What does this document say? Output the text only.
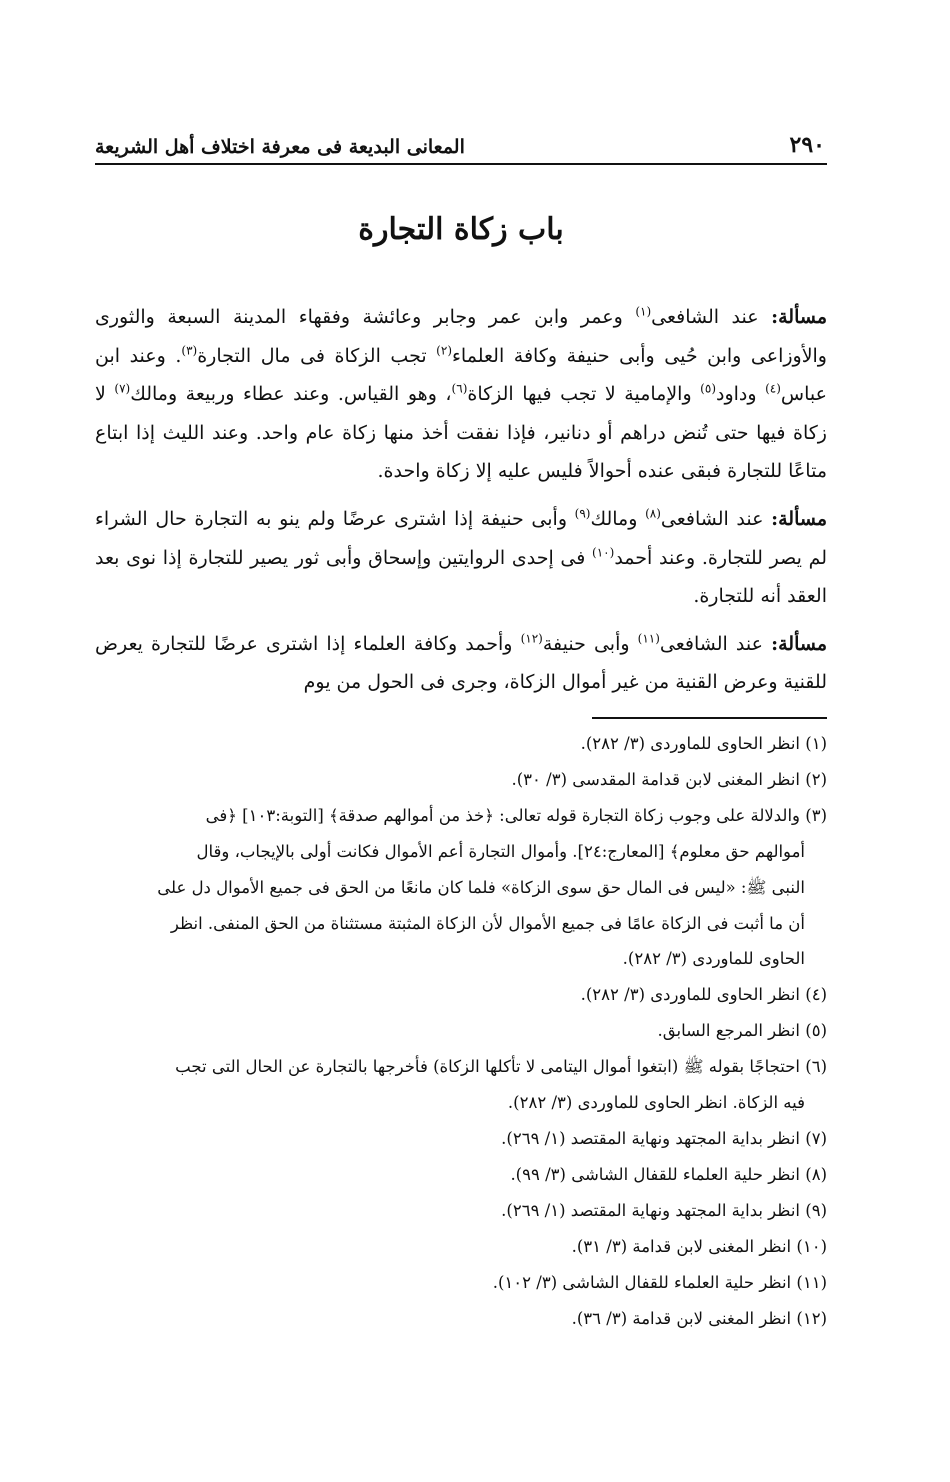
٢٩٠
المعانى البديعة فى معرفة اختلاف أهل الشريعة
باب زكاة التجارة

مسألة: عند الشافعى$^{(١)}$ وعمر وابن عمر وجابر وعائشة وفقهاء المدينة السبعة والثورى والأوزاعى وابن حُيى وأبى حنيفة وكافة العلماء$^{(٢)}$ تجب الزكاة فى مال التجارة$^{(٣)}$. وعند ابن عباس$^{(٤)}$ وداود$^{(٥)}$ والإمامية لا تجب فيها الزكاة$^{(٦)}$، وهو القياس. وعند عطاء وربيعة ومالك$^{(٧)}$ لا زكاة فيها حتى تُنض دراهم أو دنانير، فإذا نفقت أخذ منها زكاة عام واحد. وعند الليث إذا ابتاع متاعًا للتجارة فبقى عنده أحوالاً فليس عليه إلا زكاة واحدة.

مسألة: عند الشافعى$^{(٨)}$ ومالك$^{(٩)}$ وأبى حنيفة إذا اشترى عرضًا ولم ينو به التجارة حال الشراء لم يصر للتجارة. وعند أحمد$^{(١٠)}$ فى إحدى الروايتين وإسحاق وأبى ثور يصير للتجارة إذا نوى بعد العقد أنه للتجارة.

مسألة: عند الشافعى$^{(١١)}$ وأبى حنيفة$^{(١٢)}$ وأحمد وكافة العلماء إذا اشترى عرضًا للتجارة يعرض للقنية وعرض القنية من غير أموال الزكاة، وجرى فى الحول من يوم

(١) انظر الحاوى للماوردى (٣/ ٢٨٢).

(٢) انظر المغنى لابن قدامة المقدسى (٣/ ٣٠).

(٣) والدلالة على وجوب زكاة التجارة قوله تعالى: ﴿خذ من أموالهم صدقة﴾ [التوبة:١٠٣] ﴿فى

أموالهم حق معلوم﴾ [المعارج:٢٤]. وأموال التجارة أعم الأموال فكانت أولى بالإيجاب، وقال

النبى ﷺ: «ليس فى المال حق سوى الزكاة» فلما كان مانعًا من الحق فى جميع الأموال دل على

أن ما أثبت فى الزكاة عامًا فى جميع الأموال لأن الزكاة المثبتة مستثناة من الحق المنفى. انظر

الحاوى للماوردى (٣/ ٢٨٢).

(٤) انظر الحاوى للماوردى (٣/ ٢٨٢).

(٥) انظر المرجع السابق.

(٦) احتجاجًا بقوله ﷺ (ابتغوا أموال اليتامى لا تأكلها الزكاة) فأخرجها بالتجارة عن الحال التى تجب

فيه الزكاة. انظر الحاوى للماوردى (٣/ ٢٨٢).

(٧) انظر بداية المجتهد ونهاية المقتصد (١/ ٢٦٩).

(٨) انظر حلية العلماء للقفال الشاشى (٣/ ٩٩).

(٩) انظر بداية المجتهد ونهاية المقتصد (١/ ٢٦٩).

(١٠) انظر المغنى لابن قدامة (٣/ ٣١).

(١١) انظر حلية العلماء للقفال الشاشى (٣/ ١٠٢).

(١٢) انظر المغنى لابن قدامة (٣/ ٣٦).
